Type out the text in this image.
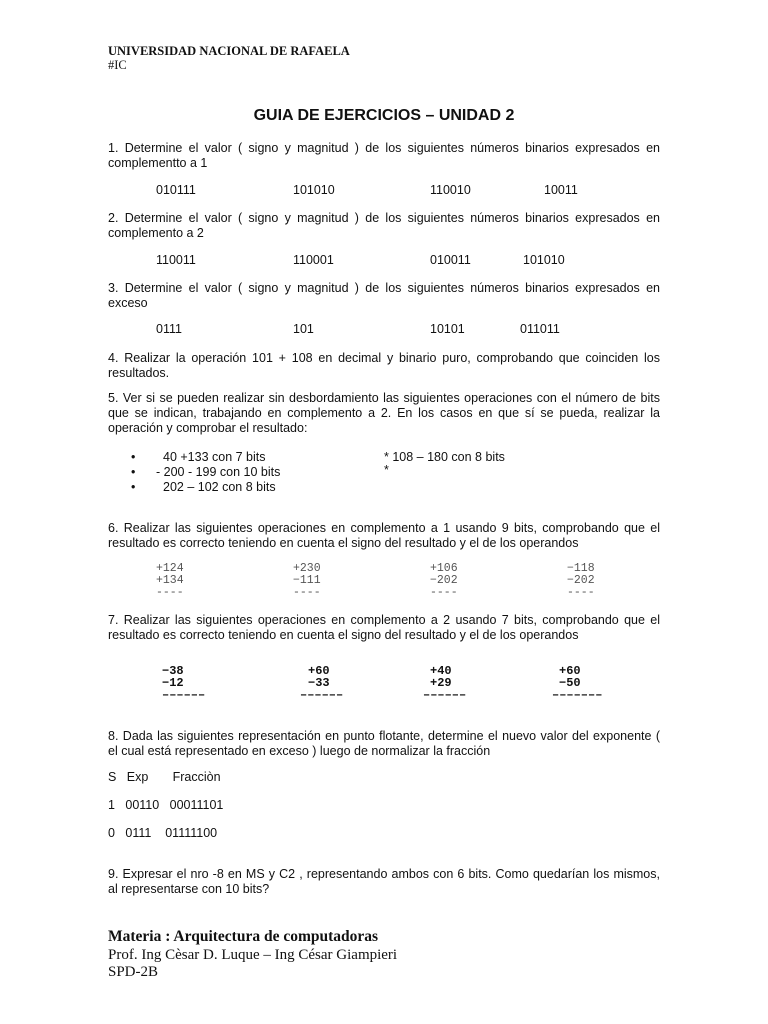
UNIVERSIDAD NACIONAL DE RAFAELA
#IC
GUIA DE EJERCICIOS – UNIDAD 2
1. Determine el valor ( signo y magnitud ) de los siguientes números binarios expresados en complementto a 1
010111	101010	110010	10011
2. Determine el valor ( signo y magnitud ) de los siguientes números binarios expresados en complemento a 2
110011	110001	010011	101010
3. Determine el valor ( signo y magnitud ) de los siguientes números binarios expresados en exceso
0111	101	10101	011011
4. Realizar la operación 101 + 108 en decimal y binario puro, comprobando que coinciden los resultados.
5. Ver si se pueden realizar sin desbordamiento las siguientes operaciones con el número de bits que se indican, trabajando en complemento a 2. En los casos en que sí se pueda, realizar la operación y comprobar el resultado:
• 40 +133 con 7 bits
• - 200 - 199 con 10 bits
• 202 – 102 con 8 bits
* 108 – 180 con 8 bits
*
6. Realizar las siguientes operaciones en complemento a 1 usando 9 bits, comprobando que el resultado es correcto teniendo en cuenta el signo del resultado y el de los operandos
+124
+134
----
+230
−111
----
+106
−202
----
−118
−202
----
7. Realizar las siguientes operaciones en complemento a 2 usando 7 bits, comprobando que el resultado es correcto teniendo en cuenta el signo del resultado y el de los operandos
−38
−12
––––––
+60
−33
––––––
+40
+29
––––––
+60
−50
–––––––
8. Dada las siguientes representación en punto flotante, determine el nuevo valor del exponente ( el cual está representado en exceso ) luego de normalizar la fracción
S   Exp       Fracciòn
1   00110   00011101
0   0111    01111100
9. Expresar el nro -8 en MS y C2 , representando ambos con 6 bits. Como quedarían los mismos, al representarse con 10 bits?
Materia : Arquitectura de computadoras
Prof. Ing Cèsar D. Luque – Ing César Giampieri
SPD-2B
